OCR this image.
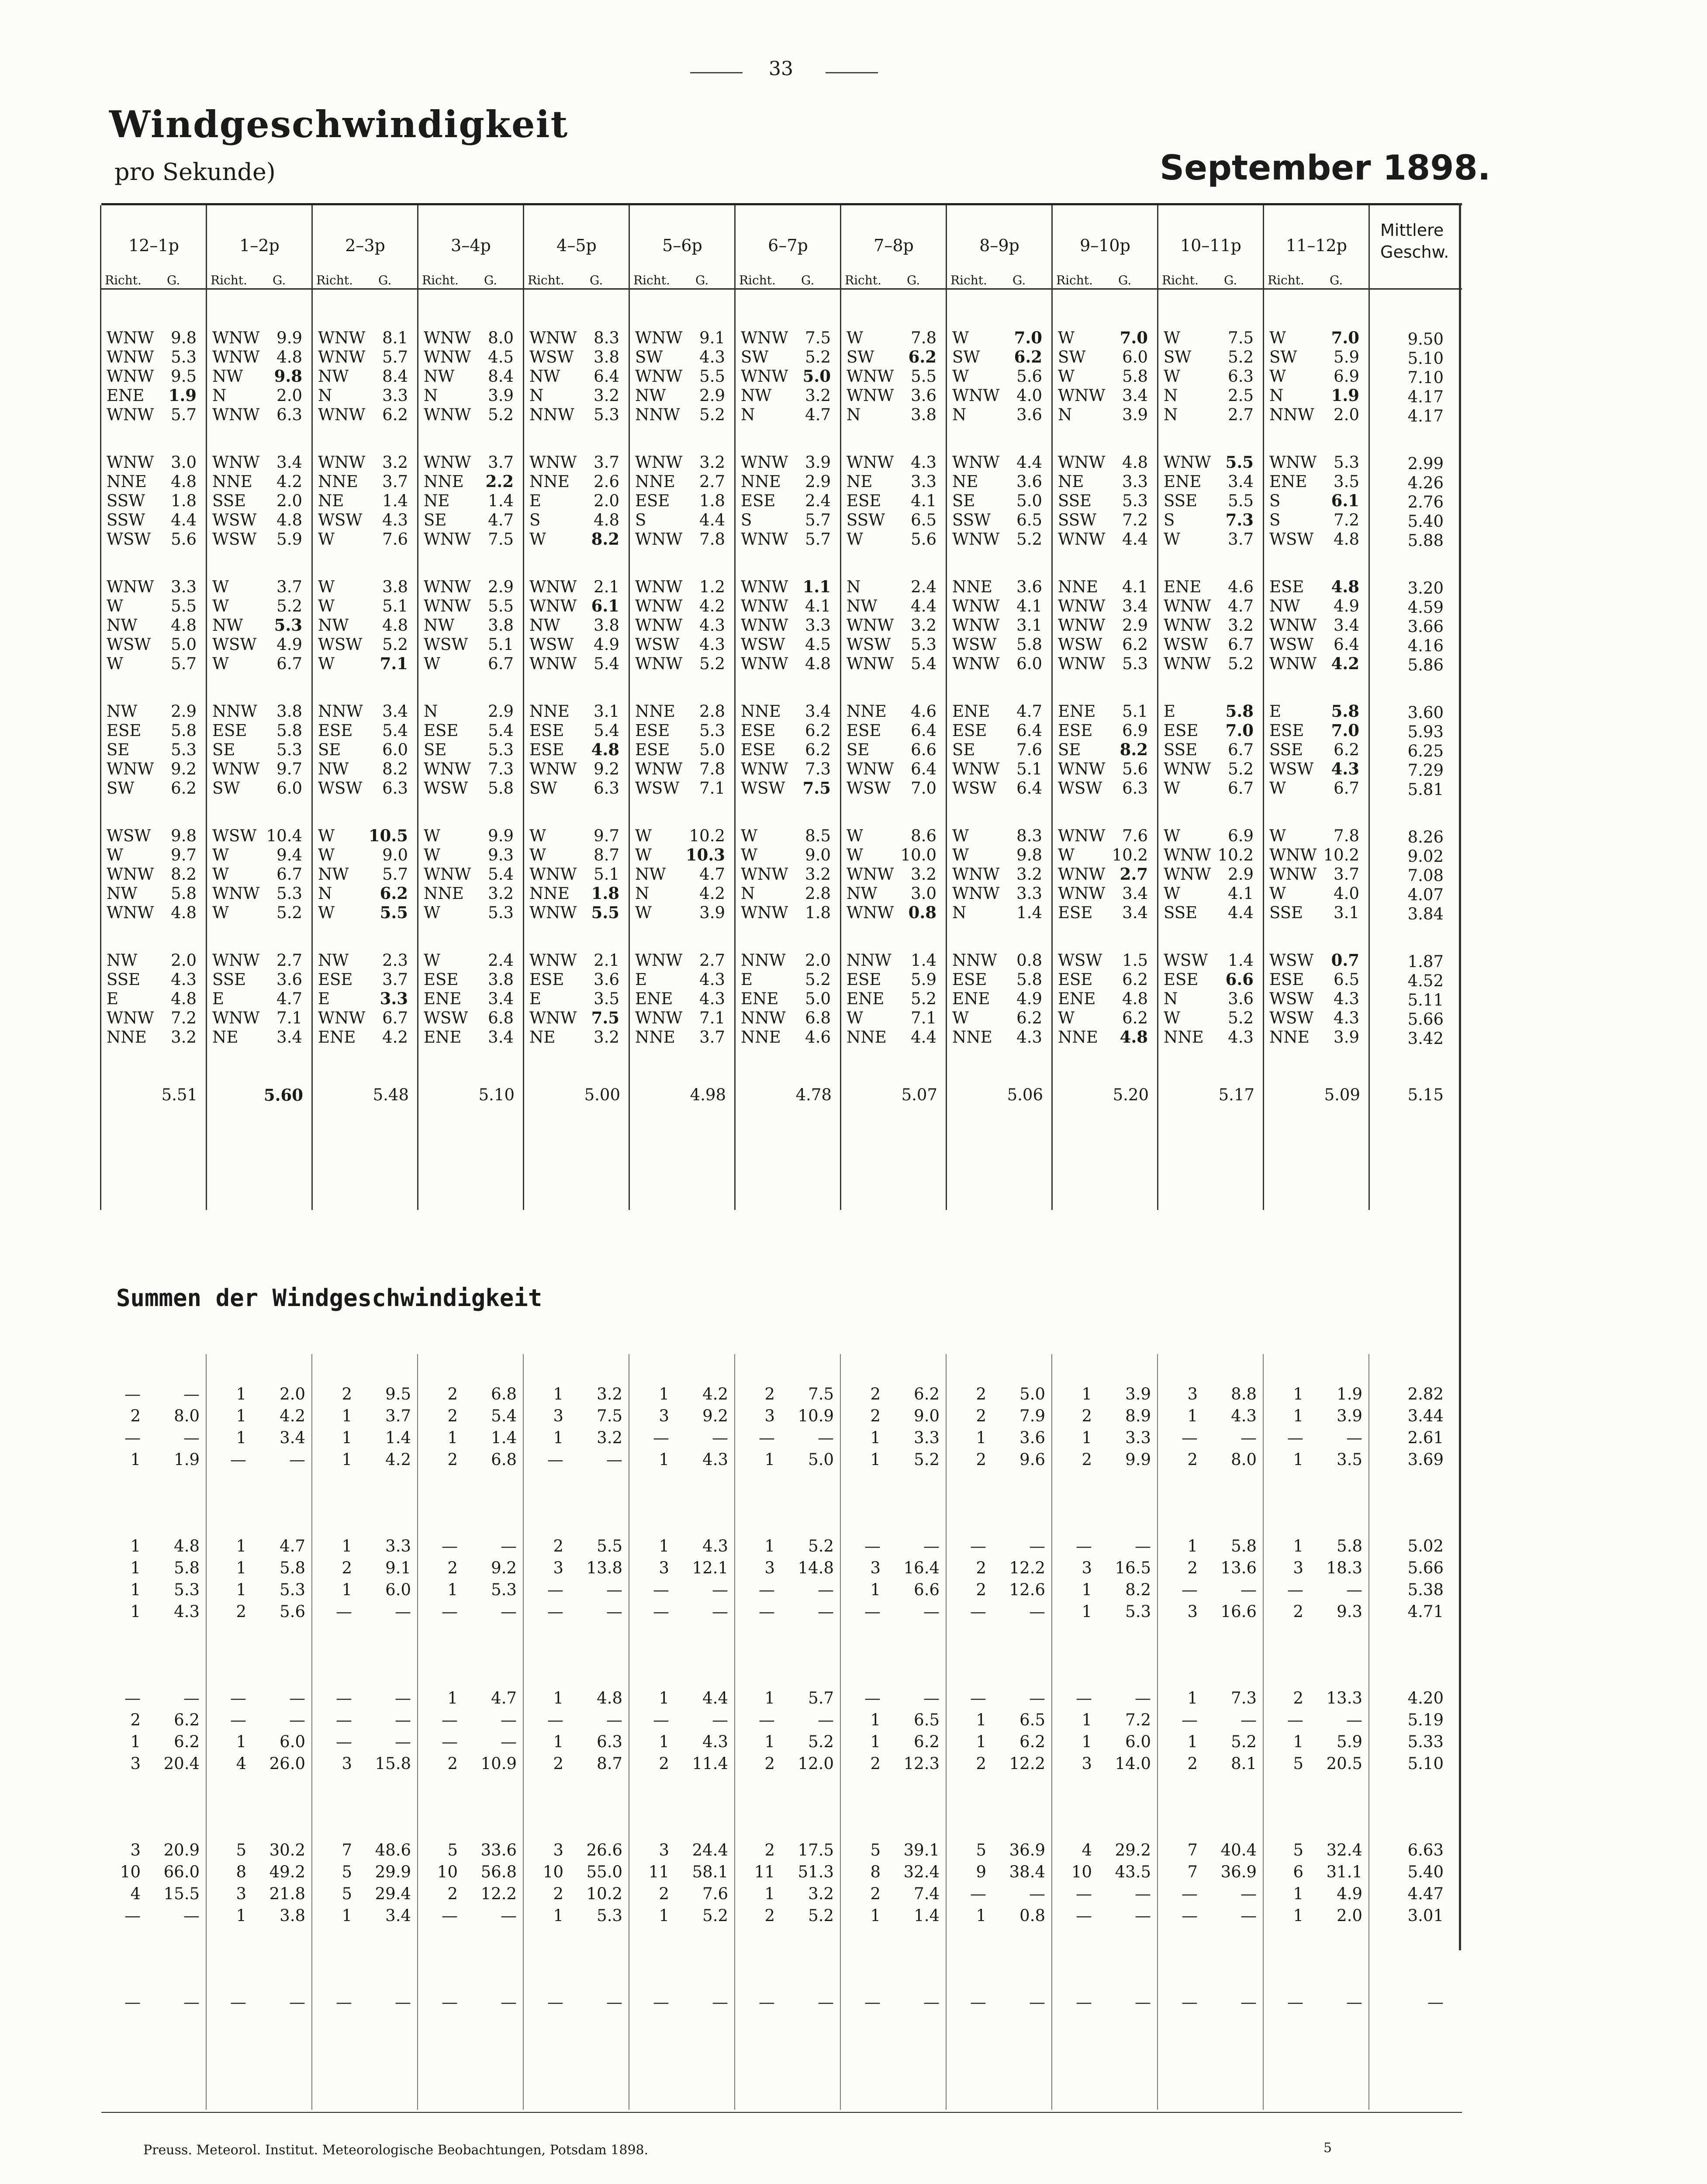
33
Windgeschwindigkeit
pro Sekunde)	September 1898.
12–1p
Richt. G.
1–2p
Richt. G.
2–3p
Richt. G.
3–4p
Richt. G.
4–5p
Richt. G.
5–6p
Richt. G.
6–7p
Richt. G.
7–8p
Richt. G.
8–9p
Richt. G.
9–10p
Richt. G.
10–11p
Richt. G.
11–12p
Richt. G.
WNW	9.8 WNW	9.9 WNW	8.1 WNW	8.0 WNW	8.3 WNW	9.1 WNW	7.5 W	7.8 W	7.0 W	7.0 W	7.5 W	7.0	9.50
WNW	5.3 WNW	4.8 WNW	5.7 WNW	4.5 WSW	3.8 SW	4.3 SW	5.2 SW	6.2 SW	6.2 SW	6.0 SW	5.2 SW	5.9	5.10
WNW	9.5 NW	9.8 NW	8.4 NW	8.4 NW	6.4 WNW	5.5 WNW 5.0 WNW	5.5 W	5.6 W	5.8 W	6.3 W	6.9	7.10
ENE	1.9 N	2.0 N	3.3 N	3.9 N	3.2 NW	2.9 NW	3.2 WNW	3.6 WNW	4.0 WNW	3.4 N	2.5 N	1.9	4.17
WNW	5.7 WNW	6.3 WNW	6.2 WNW	5.2 NNW	5.3 NNW	5.2 N	4.7 N	3.8 N	3.6 N	3.9 N	2.7 NNW	2.0	4.17
WNW	3.0 WNW	3.4 WNW	3.2 WNW	3.7 WNW	3.7 WNW	3.2 WNW	3.9 WNW	4.3 WNW	4.4 WNW	4.8 WNW 5.5 WNW	5.3	2.99
NNE	4.8 NNE	4.2 NNE	3.7 NNE	2.2 NNE	2.6 NNE	2.7 NNE	2.9 NE	3.3 NE	3.6 NE	3.3 ENE	3.4 ENE	3.5	4.26
SSW	1.8 SSE	2.0 NE	1.4 NE	1.4 E	2.0 ESE	1.8 ESE	2.4 ESE	4.1 SE	5.0 SSE	5.3 SSE	5.5 S	6.1	2.76
SSW	4.4 WSW	4.8 WSW	4.3 SE	4.7 S	4.8 S	4.4 S	5.7 SSW	6.5 SSW	6.5 SSW	7.2 S	7.3 S	7.2	5.40
WSW	5.6 WSW	5.9 W	7.6 WNW	7.5 W	8.2 WNW	7.8 WNW	5.7 W	5.6 WNW	5.2 WNW	4.4 W	3.7 WSW	4.8	5.88
WNW	3.3 W	3.7 W	3.8 WNW	2.9 WNW	2.1 WNW	1.2 WNW 1.1 N	2.4 NNE	3.6 NNE	4.1 ENE	4.6 ESE	4.8	3.20
W	5.5 W	5.2 W	5.1 WNW	5.5 WNW 6.1 WNW	4.2 WNW	4.1 NW	4.4 WNW	4.1 WNW	3.4 WNW	4.7 NW	4.9	4.59
NW	4.8 NW	5.3 NW	4.8 NW	3.8 NW	3.8 WNW	4.3 WNW	3.3 WNW	3.2 WNW	3.1 WNW	2.9 WNW	3.2 WNW	3.4	3.66
WSW	5.0 WSW	4.9 WSW	5.2 WSW	5.1 WSW	4.9 WSW	4.3 WSW	4.5 WSW	5.3 WSW	5.8 WSW	6.2 WSW	6.7 WSW	6.4	4.16
W	5.7 W	6.7 W	7.1 W	6.7 WNW	5.4 WNW	5.2 WNW	4.8 WNW	5.4 WNW	6.0 WNW	5.3 WNW	5.2 WNW 4.2	5.86
NW	2.9 NNW	3.8 NNW	3.4 N	2.9 NNE	3.1 NNE	2.8 NNE	3.4 NNE	4.6 ENE	4.7 ENE	5.1 E	5.8 E	5.8	3.60
ESE	5.8 ESE	5.8 ESE	5.4 ESE	5.4 ESE	5.4 ESE	5.3 ESE	6.2 ESE	6.4 ESE	6.4 ESE	6.9 ESE	7.0 ESE	7.0	5.93
SE	5.3 SE	5.3 SE	6.0 SE	5.3 ESE	4.8 ESE	5.0 ESE	6.2 SE	6.6 SE	7.6 SE	8.2 SSE	6.7 SSE	6.2	6.25
WNW	9.2 WNW	9.7 NW	8.2 WNW	7.3 WNW	9.2 WNW	7.8 WNW	7.3 WNW	6.4 WNW	5.1 WNW	5.6 WNW	5.2 WSW	4.3	7.29
SW	6.2 SW	6.0 WSW	6.3 WSW	5.8 SW	6.3 WSW	7.1 WSW	7.5 WSW	7.0 WSW	6.4 WSW	6.3 W	6.7 W	6.7	5.81
WSW	9.8 WSW 10.4 W	10.5 W	9.9 W	9.7 W	10.2 W	8.5 W	8.6 W	8.3 WNW	7.6 W	6.9 W	7.8	8.26
W	9.7 W	9.4 W	9.0 W	9.3 W	8.7 W	10.3 W	9.0 W	10.0 W	9.8 W	10.2 WNW 10.2 WNW 10.2	9.02
WNW	8.2 W	6.7 NW	5.7 WNW	5.4 WNW	5.1 NW	4.7 WNW	3.2 WNW	3.2 WNW	3.2 WNW 2.7 WNW	2.9 WNW	3.7	7.08
NW	5.8 WNW	5.3 N	6.2 NNE	3.2 NNE	1.8 N	4.2 N	2.8 NW	3.0 WNW	3.3 WNW	3.4 W	4.1 W	4.0	4.07
WNW	4.8 W	5.2 W	5.5 W	5.3 WNW 5.5 W	3.9 WNW	1.8 WNW 0.8 N	1.4 ESE	3.4 SSE	4.4 SSE	3.1	3.84
NW	2.0 WNW	2.7 NW	2.3 W	2.4 WNW	2.1 WNW	2.7 NNW	2.0 NNW	1.4 NNW	0.8 WSW	1.5 WSW	1.4 WSW	0.7	1.87
SSE	4.3 SSE	3.6 ESE	3.7 ESE	3.8 ESE	3.6 E	4.3 E	5.2 ESE	5.9 ESE	5.8 ESE	6.2 ESE	6.6 ESE	6.5	4.52
E	4.8 E	4.7 E	3.3 ENE	3.4 E	3.5 ENE	4.3 ENE	5.0 ENE	5.2 ENE	4.9 ENE	4.8 N	3.6 WSW	4.3	5.11
WNW	7.2 WNW	7.1 WNW	6.7 WSW	6.8 WNW 7.5 WNW	7.1 NNW	6.8 W	7.1 W	6.2 W	6.2 W	5.2 WSW	4.3	5.66
NNE	3.2 NE	3.4 ENE	4.2 ENE	3.4 NE	3.2 NNE	3.7 NNE	4.6 NNE	4.4 NNE	4.3 NNE	4.8 NNE	4.3 NNE	3.9	3.42
5.51	5.60	5.48	5.10	5.00	4.98	4.78	5.07	5.06	5.20	5.17	5.09	5.15
Mittlere
Geschw.
Summen der Windgeschwindigkeit
—	—	1	2.0	2	9.5	2	6.8	1	3.2	1	4.2	2	7.5	2	6.2	2	5.0	1	3.9	3	8.8	1	1.9	2.82
2	8.0	1	4.2	1	3.7	2	5.4	3	7.5	3	9.2	3	10.9	2	9.0	2	7.9	2	8.9	1	4.3	1	3.9	3.44
—	—	1	3.4	1	1.4	1	1.4	1	3.2	—	—	—	—	1	3.3	1	3.6	1	3.3	—	—	—	—	2.61
1	1.9	—	—	1	4.2	2	6.8	—	—	1	4.3	1	5.0	1	5.2	2	9.6	2	9.9	2	8.0	1	3.5	3.69
1	4.8	1	4.7	1	3.3	—	—	2	5.5	1	4.3	1	5.2	—	—	—	—	—	—	1	5.8	1	5.8	5.02
1	5.8	1	5.8	2	9.1	2	9.2	3	13.8	3	12.1	3	14.8	3	16.4	2	12.2	3	16.5	2	13.6	3	18.3	5.66
1	5.3	1	5.3	1	6.0	1	5.3	—	—	—	—	—	—	1	6.6	2	12.6	1	8.2	—	—	—	—	5.38
1	4.3	2	5.6	—	—	—	—	—	—	—	—	—	—	—	—	—	—	1	5.3	3	16.6	2	9.3	4.71
—	—	—	—	—	—	1	4.7	1	4.8	1	4.4	1	5.7	—	—	—	—	—	—	1	7.3	2	13.3	4.20
2	6.2	—	—	—	—	—	—	—	—	—	—	—	—	1	6.5	1	6.5	1	7.2	—	—	—	—	5.19
1	6.2	1	6.0	—	—	—	—	1	6.3	1	4.3	1	5.2	1	6.2	1	6.2	1	6.0	1	5.2	1	5.9	5.33
3	20.4	4	26.0	3	15.8	2	10.9	2	8.7	2	11.4	2	12.0	2	12.3	2	12.2	3	14.0	2	8.1	5	20.5	5.10
3	20.9	5	30.2	7	48.6	5	33.6	3	26.6	3	24.4	2	17.5	5	39.1	5	36.9	4	29.2	7	40.4	5	32.4	6.63
10	66.0	8	49.2	5	29.9	10	56.8	10	55.0	11	58.1	11	51.3	8	32.4	9	38.4	10	43.5	7	36.9	6	31.1	5.40
4	15.5	3	21.8	5	29.4	2	12.2	2	10.2	2	7.6	1	3.2	2	7.4	—	—	—	—	—	—	1	4.9	4.47
—	—	1	3.8	1	3.4	—	—	1	5.3	1	5.2	2	5.2	1	1.4	1	0.8	—	—	—	—	1	2.0	3.01
—	—	—	—	—	—	—	—	—	—	—	—	—	—	—	—	—	—	—	—	—	—	—	—	—
Preuss. Meteorol. Institut. Meteorologische Beobachtungen, Potsdam 1898.	5
